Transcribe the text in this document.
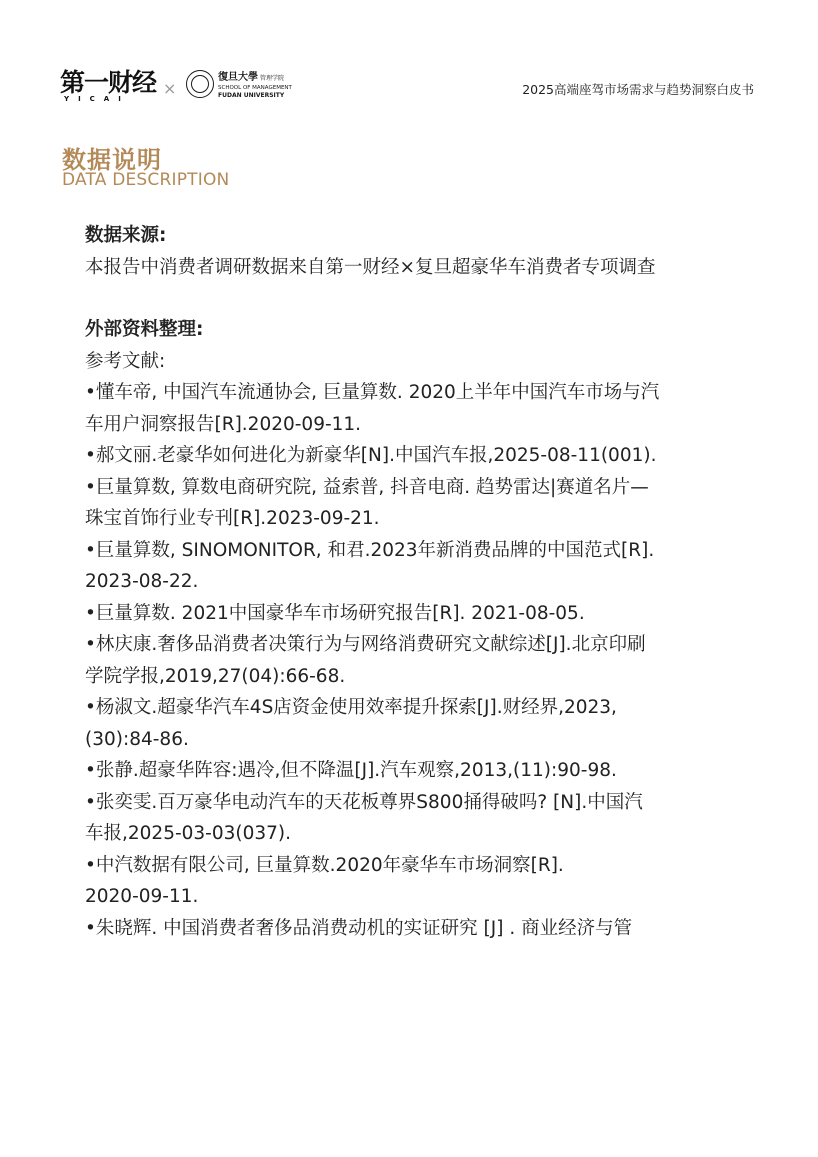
第一财经
YICAI
×
復旦大學 管理学院
SCHOOL OF MANAGEMENT
FUDAN UNIVERSITY	2025高端座驾市场需求与趋势洞察白皮书
数据说明
DATA DESCRIPTION
数据来源:
本报告中消费者调研数据来自第一财经×复旦超豪华车消费者专项调查
外部资料整理:
参考文献:
•懂车帝, 中国汽车流通协会, 巨量算数. 2020上半年中国汽车市场与汽
车用户洞察报告[R].2020-09-11.
•郝文丽.老豪华如何进化为新豪华[N].中国汽车报,2025-08-11(001).
•巨量算数, 算数电商研究院, 益索普, 抖音电商. 趋势雷达|赛道名片—
珠宝首饰行业专刊[R].2023-09-21.
•巨量算数, SINOMONITOR, 和君.2023年新消费品牌的中国范式[R].
2023-08-22.
•巨量算数. 2021中国豪华车市场研究报告[R]. 2021-08-05.
•林庆康.奢侈品消费者决策行为与网络消费研究文献综述[J].北京印刷
学院学报,2019,27(04):66-68.
•杨淑文.超豪华汽车4S店资金使用效率提升探索[J].财经界,2023,
(30):84-86.
•张静.超豪华阵容:遇冷,但不降温[J].汽车观察,2013,(11):90-98.
•张奕雯.百万豪华电动汽车的天花板尊界S800捅得破吗? [N].中国汽
车报,2025-03-03(037).
•中汽数据有限公司, 巨量算数.2020年豪华车市场洞察[R].
2020-09-11.
•朱晓辉. 中国消费者奢侈品消费动机的实证研究 [J] . 商业经济与管
